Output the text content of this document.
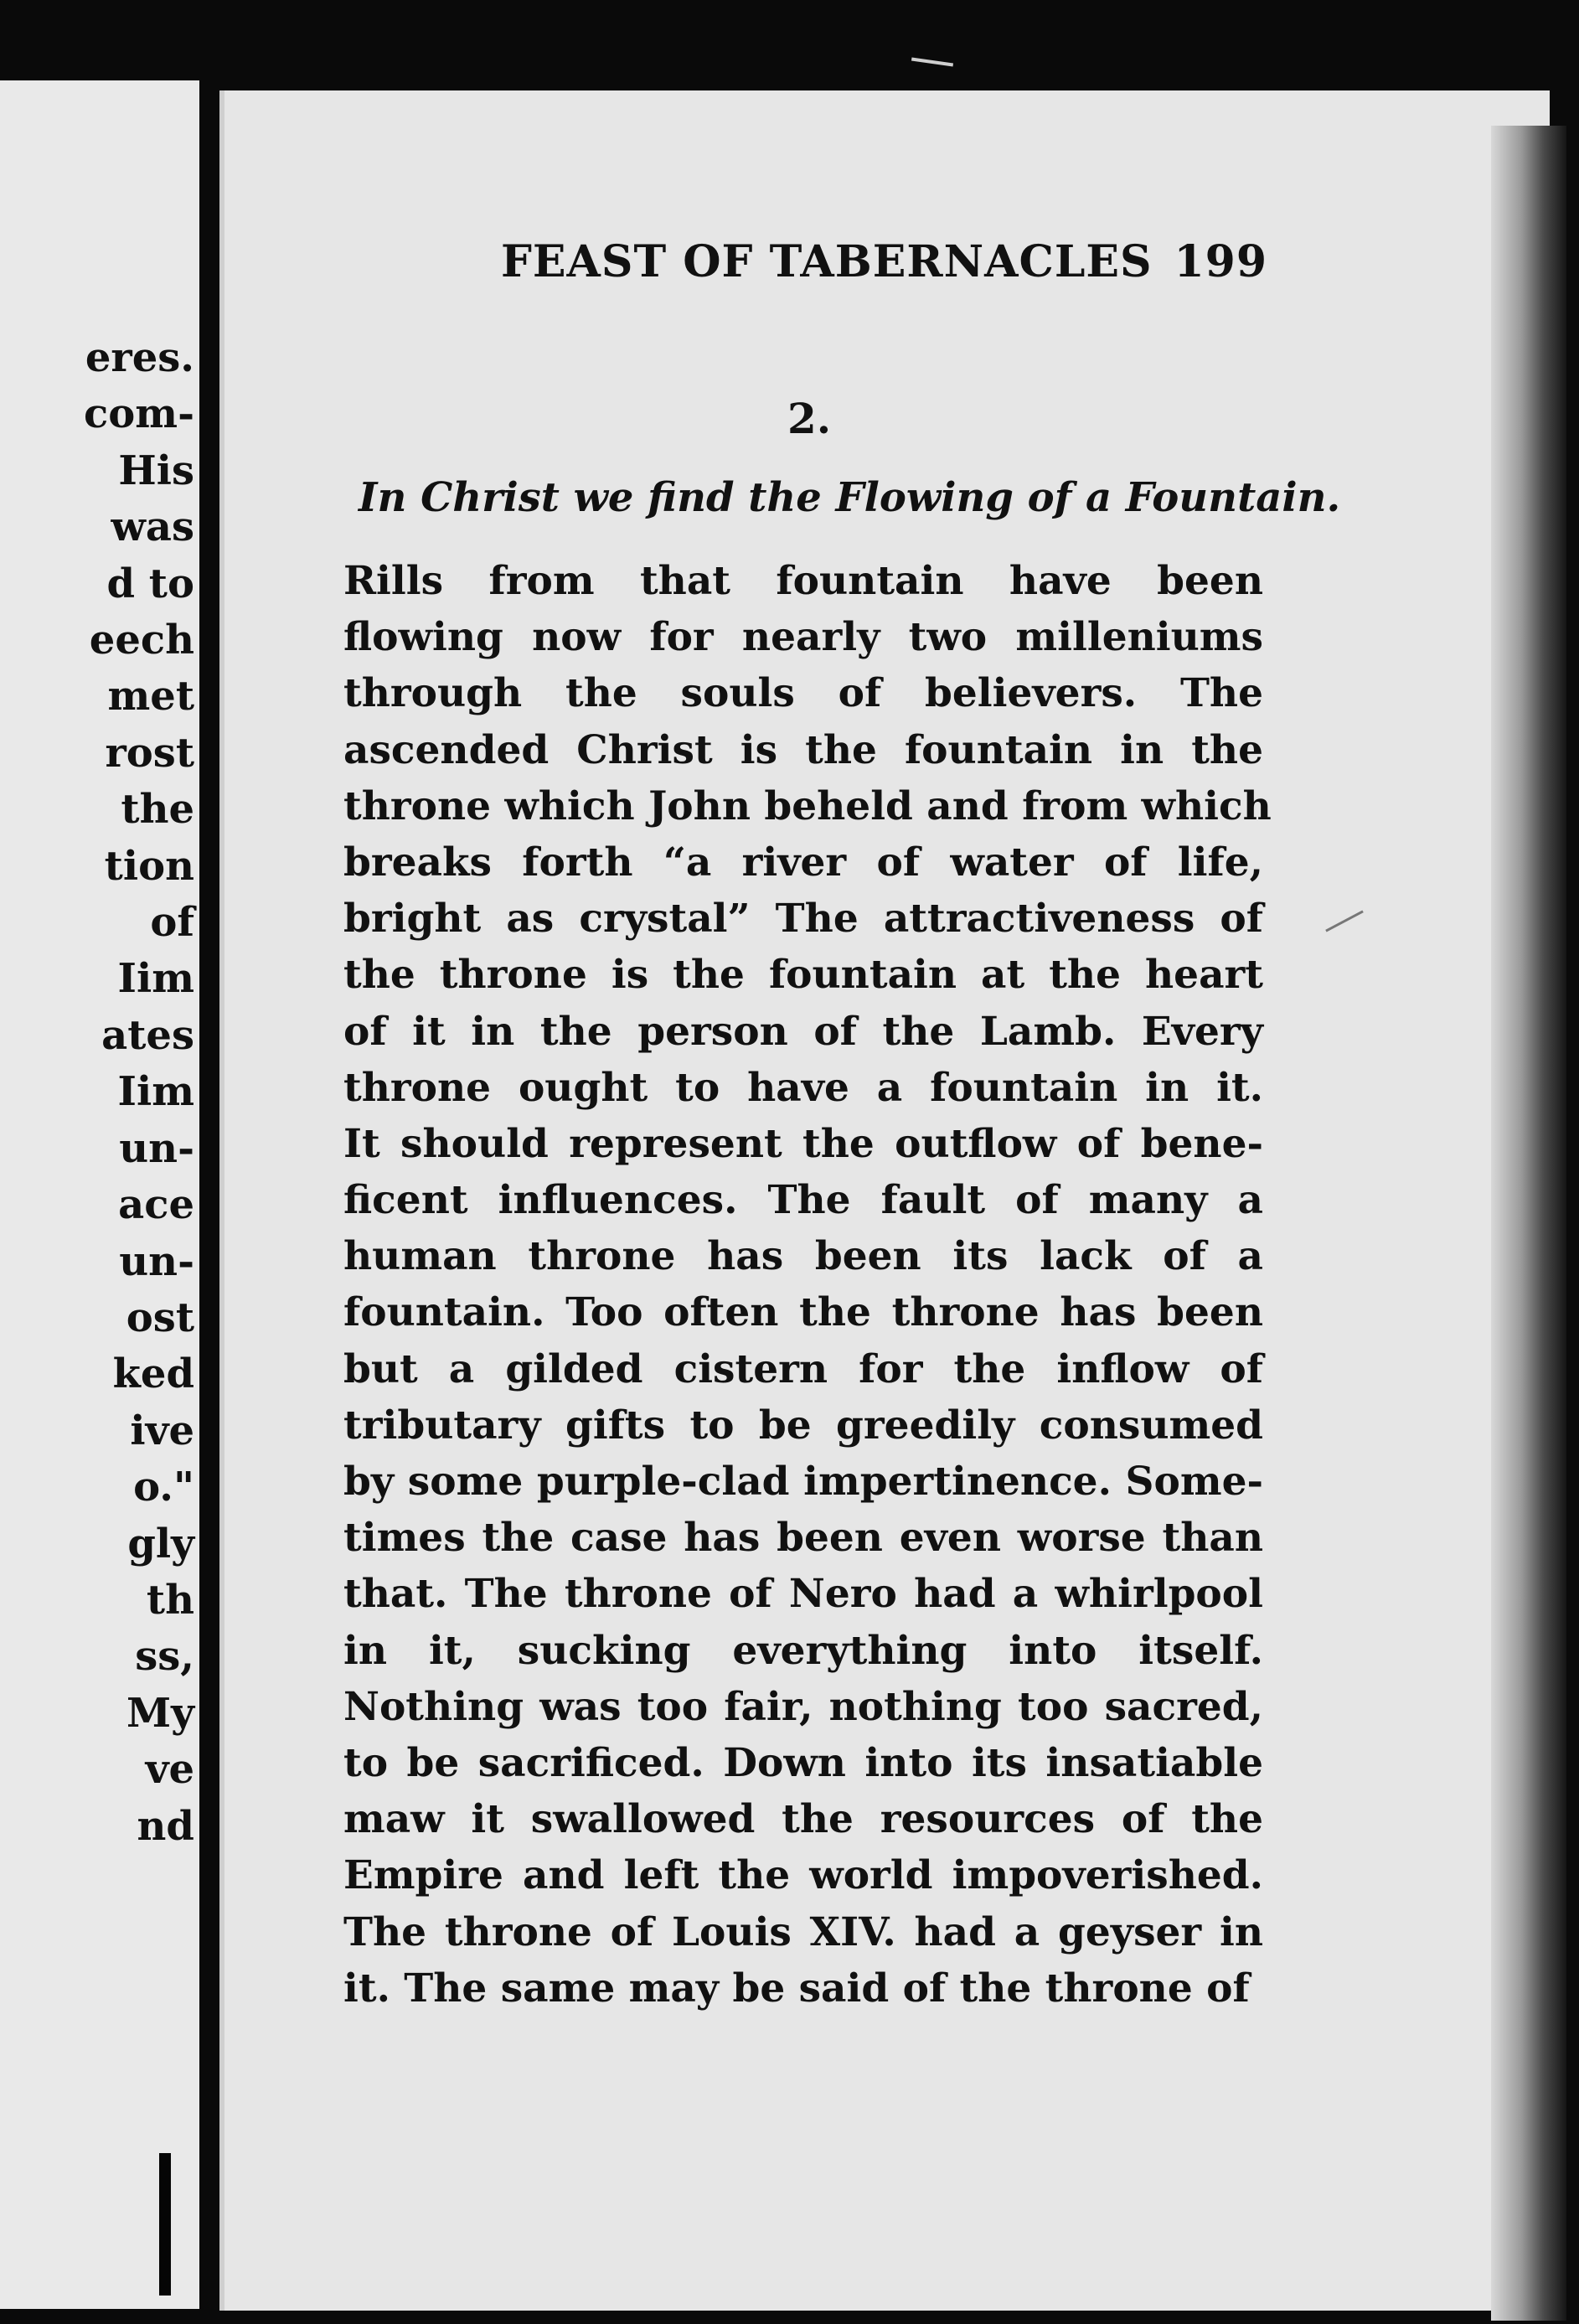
eres.
com-
His
was
d to
eech
met
rost
the
tion
of
Iim
ates
Iim
un-
ace
un-
ost
ked
ive
o."
gly
th
ss,
My
ve
nd
FEAST OF TABERNACLES 199
2.
In Christ we find the Flowing of a Fountain.
Rills from that fountain have been
flowing now for nearly two milleniums
through the souls of believers. The
ascended Christ is the fountain in the
throne which John beheld and from which
breaks forth “a river of water of life,
bright as crystal” The attractiveness of
the throne is the fountain at the heart
of it in the person of the Lamb. Every
throne ought to have a fountain in it.
It should represent the outflow of bene-
ficent influences. The fault of many a
human throne has been its lack of a
fountain. Too often the throne has been
but a gilded cistern for the inflow of
tributary gifts to be greedily consumed
by some purple-clad impertinence. Some-
times the case has been even worse than
that. The throne of Nero had a whirlpool
in it, sucking everything into itself.
Nothing was too fair, nothing too sacred,
to be sacrificed. Down into its insatiable
maw it swallowed the resources of the
Empire and left the world impoverished.
The throne of Louis XIV. had a geyser in
it. The same may be said of the throne of
